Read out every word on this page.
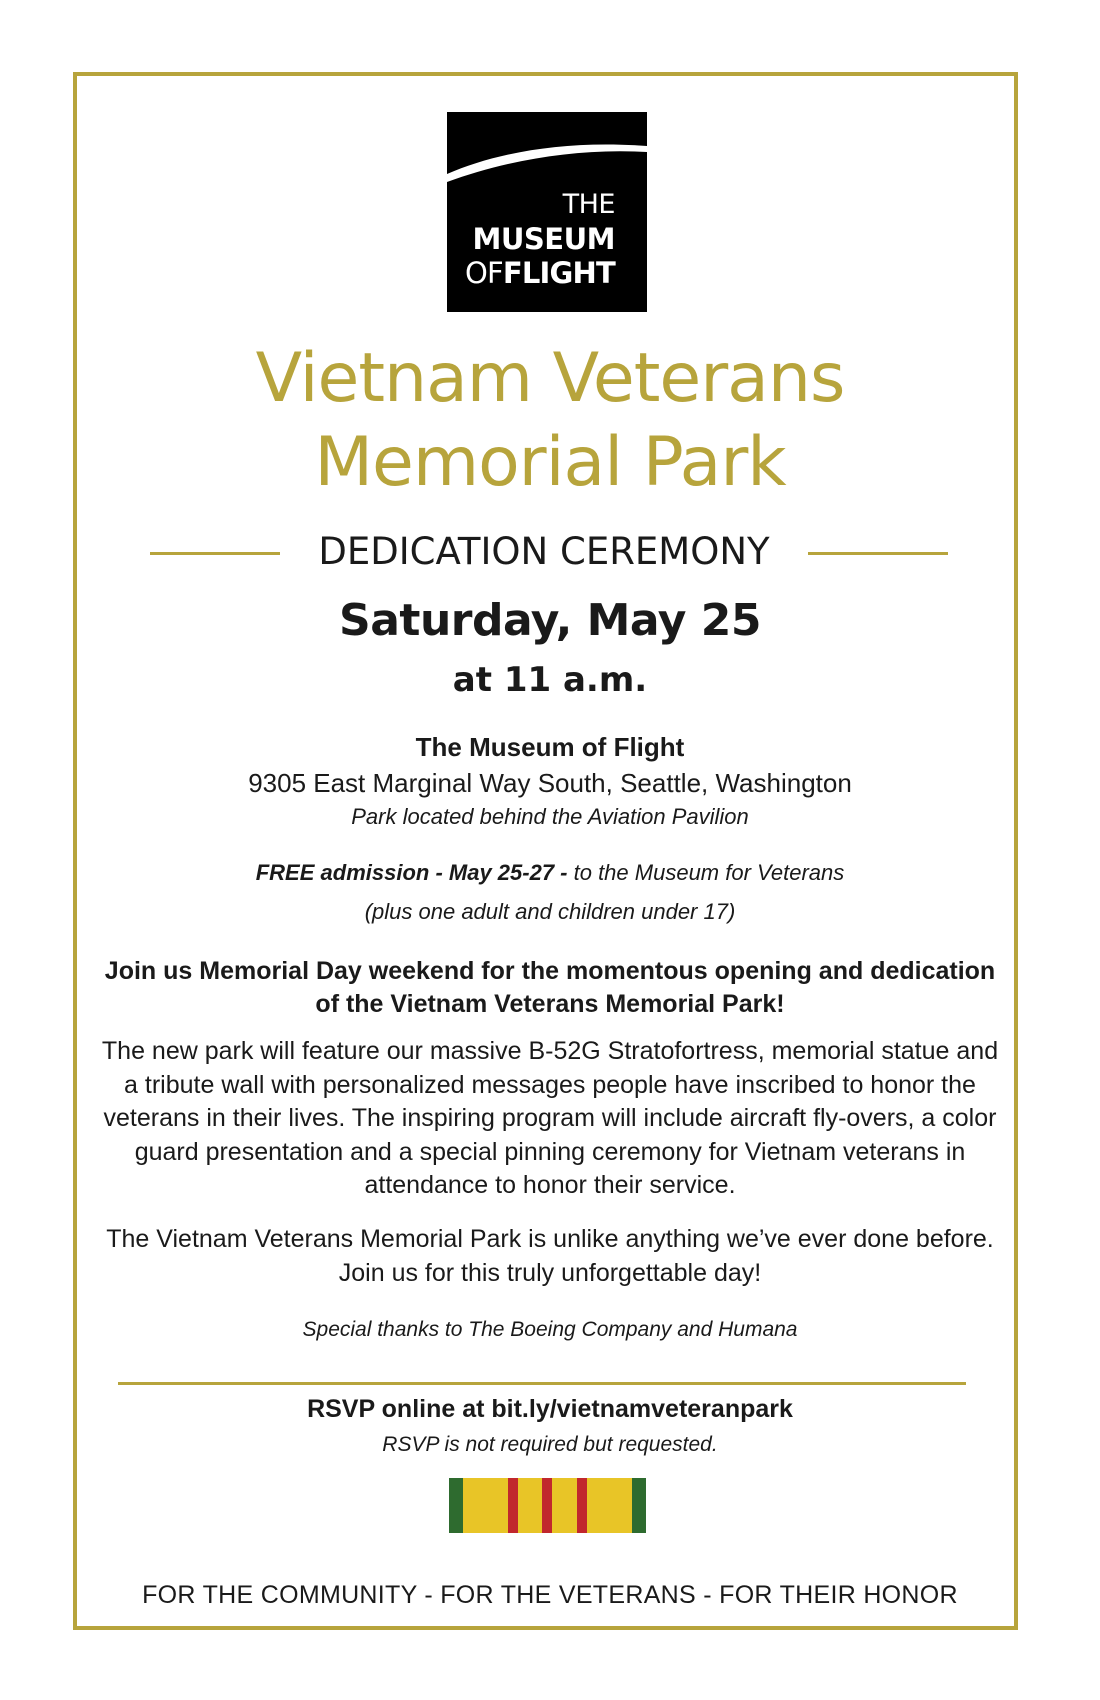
THE
MUSEUM
OFFLIGHT
Vietnam Veterans
Memorial Park
DEDICATION CEREMONY
Saturday, May 25
at 11 a.m.
The Museum of Flight
9305 East Marginal Way South, Seattle, Washington
Park located behind the Aviation Pavilion
FREE admission - May 25-27 - to the Museum for Veterans
(plus one adult and children under 17)
Join us Memorial Day weekend for the momentous opening and dedication of the Vietnam Veterans Memorial Park!
The new park will feature our massive B-52G Stratofortress, memorial statue and a tribute wall with personalized messages people have inscribed to honor the veterans in their lives. The inspiring program will include aircraft fly-overs, a color guard presentation and a special pinning ceremony for Vietnam veterans in attendance to honor their service.
The Vietnam Veterans Memorial Park is unlike anything we’ve ever done before. Join us for this truly unforgettable day!
Special thanks to The Boeing Company and Humana
RSVP online at bit.ly/vietnamveteranpark
RSVP is not required but requested.
FOR THE COMMUNITY - FOR THE VETERANS - FOR THEIR HONOR
